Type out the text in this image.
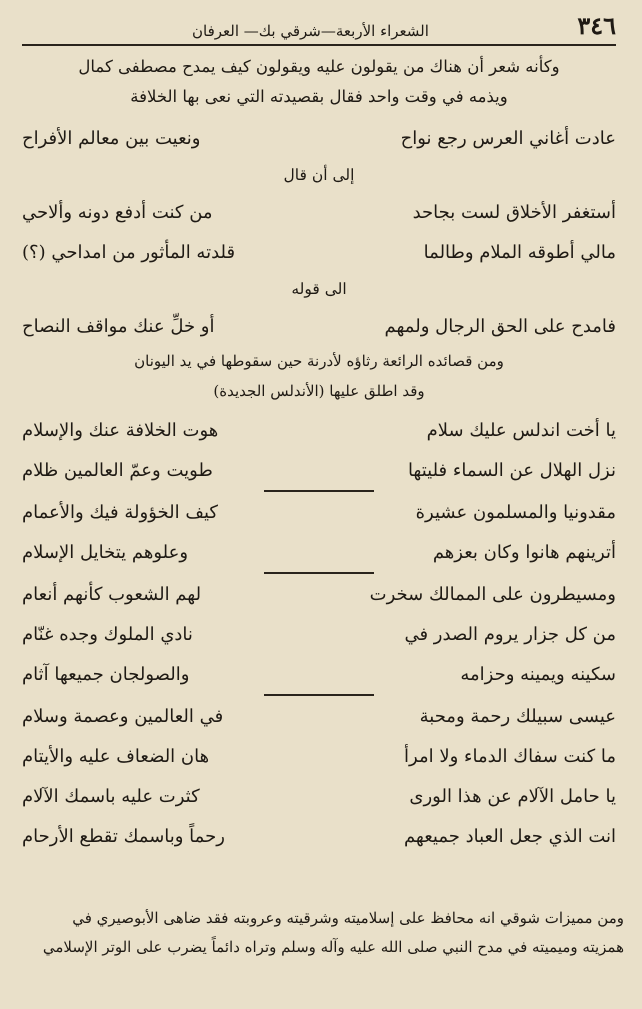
٣٤٦
الشعراء الأربعة—شرقي بك— العرفان

وكأنه شعر أن هناك من يقولون عليه ويقولون كيف يمدح مصطفى كمال

ويذمه في وقت واحد فقال بقصيدته التي نعى بها الخلافة

عادت أغاني العرس رجع نواح
ونعيت بين معالم الأفراح
إلى أن قال
أستغفر الأخلاق لست بجاحد
من كنت أدفع دونه وألاحي
مالي أطوقه الملام وطالما
قلدته المأثور من امداحي (؟)
الى قوله
فامدح على الحق الرجال ولمهم
أو خلِّ عنك مواقف النصاح

ومن قصائده الرائعة رثاؤه لأدرنة حين سقوطها في يد اليونان

وقد اطلق عليها (الأندلس الجديدة)

يا أخت اندلس عليك سلام
هوت الخلافة عنك والإسلام
نزل الهلال عن السماء فليتها
طويت وعمّ العالمين ظلام
مقدونيا والمسلمون عشيرة
كيف الخؤولة فيك والأعمام
أترينهم هانوا وكان بعزهم
وعلوهم يتخايل الإسلام
ومسيطرون على الممالك سخرت
لهم الشعوب كأنهم أنعام
من كل جزار يروم الصدر في
نادي الملوك وجده غنّام
سكينه ويمينه وحزامه
والصولجان جميعها آثام
عيسى سبيلك رحمة ومحبة
في العالمين وعصمة وسلام
ما كنت سفاك الدماء ولا امرأ
هان الضعاف عليه والأيتام
يا حامل الآلام عن هذا الورى
كثرت عليه باسمك الآلام
انت الذي جعل العباد جميعهم
رحماً وباسمك تقطع الأرحام

ومن مميزات شوقي انه محافظ على إسلاميته وشرقيته وعروبته فقد ضاهى الأبوصيري في

همزيته وميميته في مدح النبي صلى الله عليه وآله وسلم وتراه دائماً يضرب على الوتر الإسلامي
